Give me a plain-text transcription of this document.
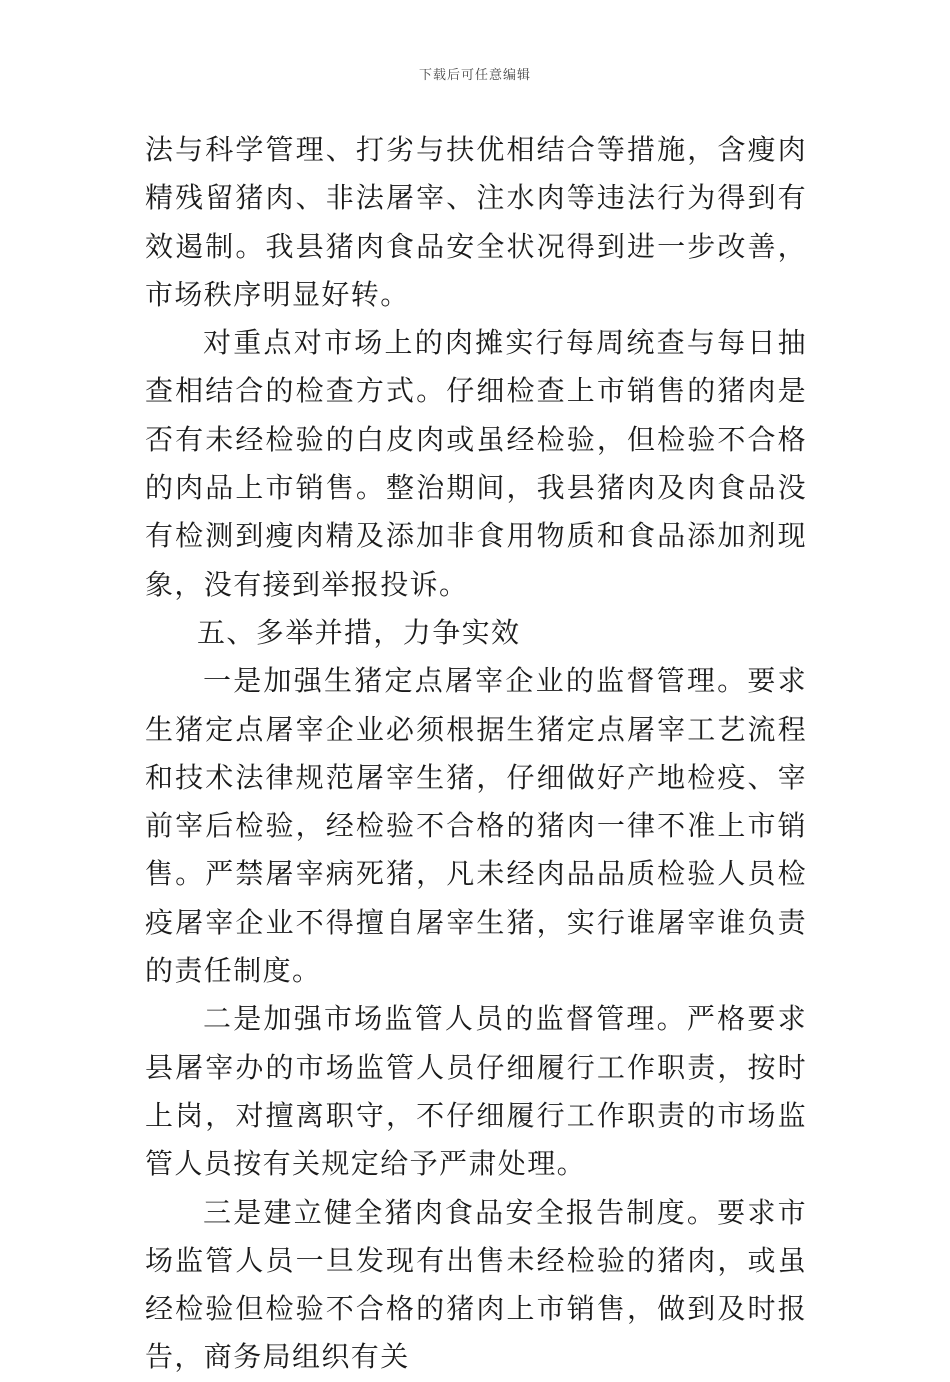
下载后可任意编辑

法与科学管理、打劣与扶优相结合等措施，含瘦肉精残留猪肉、非法屠宰、注水肉等违法行为得到有效遏制。我县猪肉食品安全状况得到进一步改善，市场秩序明显好转。

对重点对市场上的肉摊实行每周统查与每日抽查相结合的检查方式。仔细检查上市销售的猪肉是否有未经检验的白皮肉或虽经检验，但检验不合格的肉品上市销售。整治期间，我县猪肉及肉食品没有检测到瘦肉精及添加非食用物质和食品添加剂现象，没有接到举报投诉。

五、多举并措，力争实效

一是加强生猪定点屠宰企业的监督管理。要求生猪定点屠宰企业必须根据生猪定点屠宰工艺流程和技术法律规范屠宰生猪，仔细做好产地检疫、宰前宰后检验，经检验不合格的猪肉一律不准上市销售。严禁屠宰病死猪，凡未经肉品品质检验人员检疫屠宰企业不得擅自屠宰生猪，实行谁屠宰谁负责的责任制度。

二是加强市场监管人员的监督管理。严格要求县屠宰办的市场监管人员仔细履行工作职责，按时上岗，对擅离职守，不仔细履行工作职责的市场监管人员按有关规定给予严肃处理。

三是建立健全猪肉食品安全报告制度。要求市场监管人员一旦发现有出售未经检验的猪肉，或虽经检验但检验不合格的猪肉上市销售，做到及时报告，商务局组织有关
